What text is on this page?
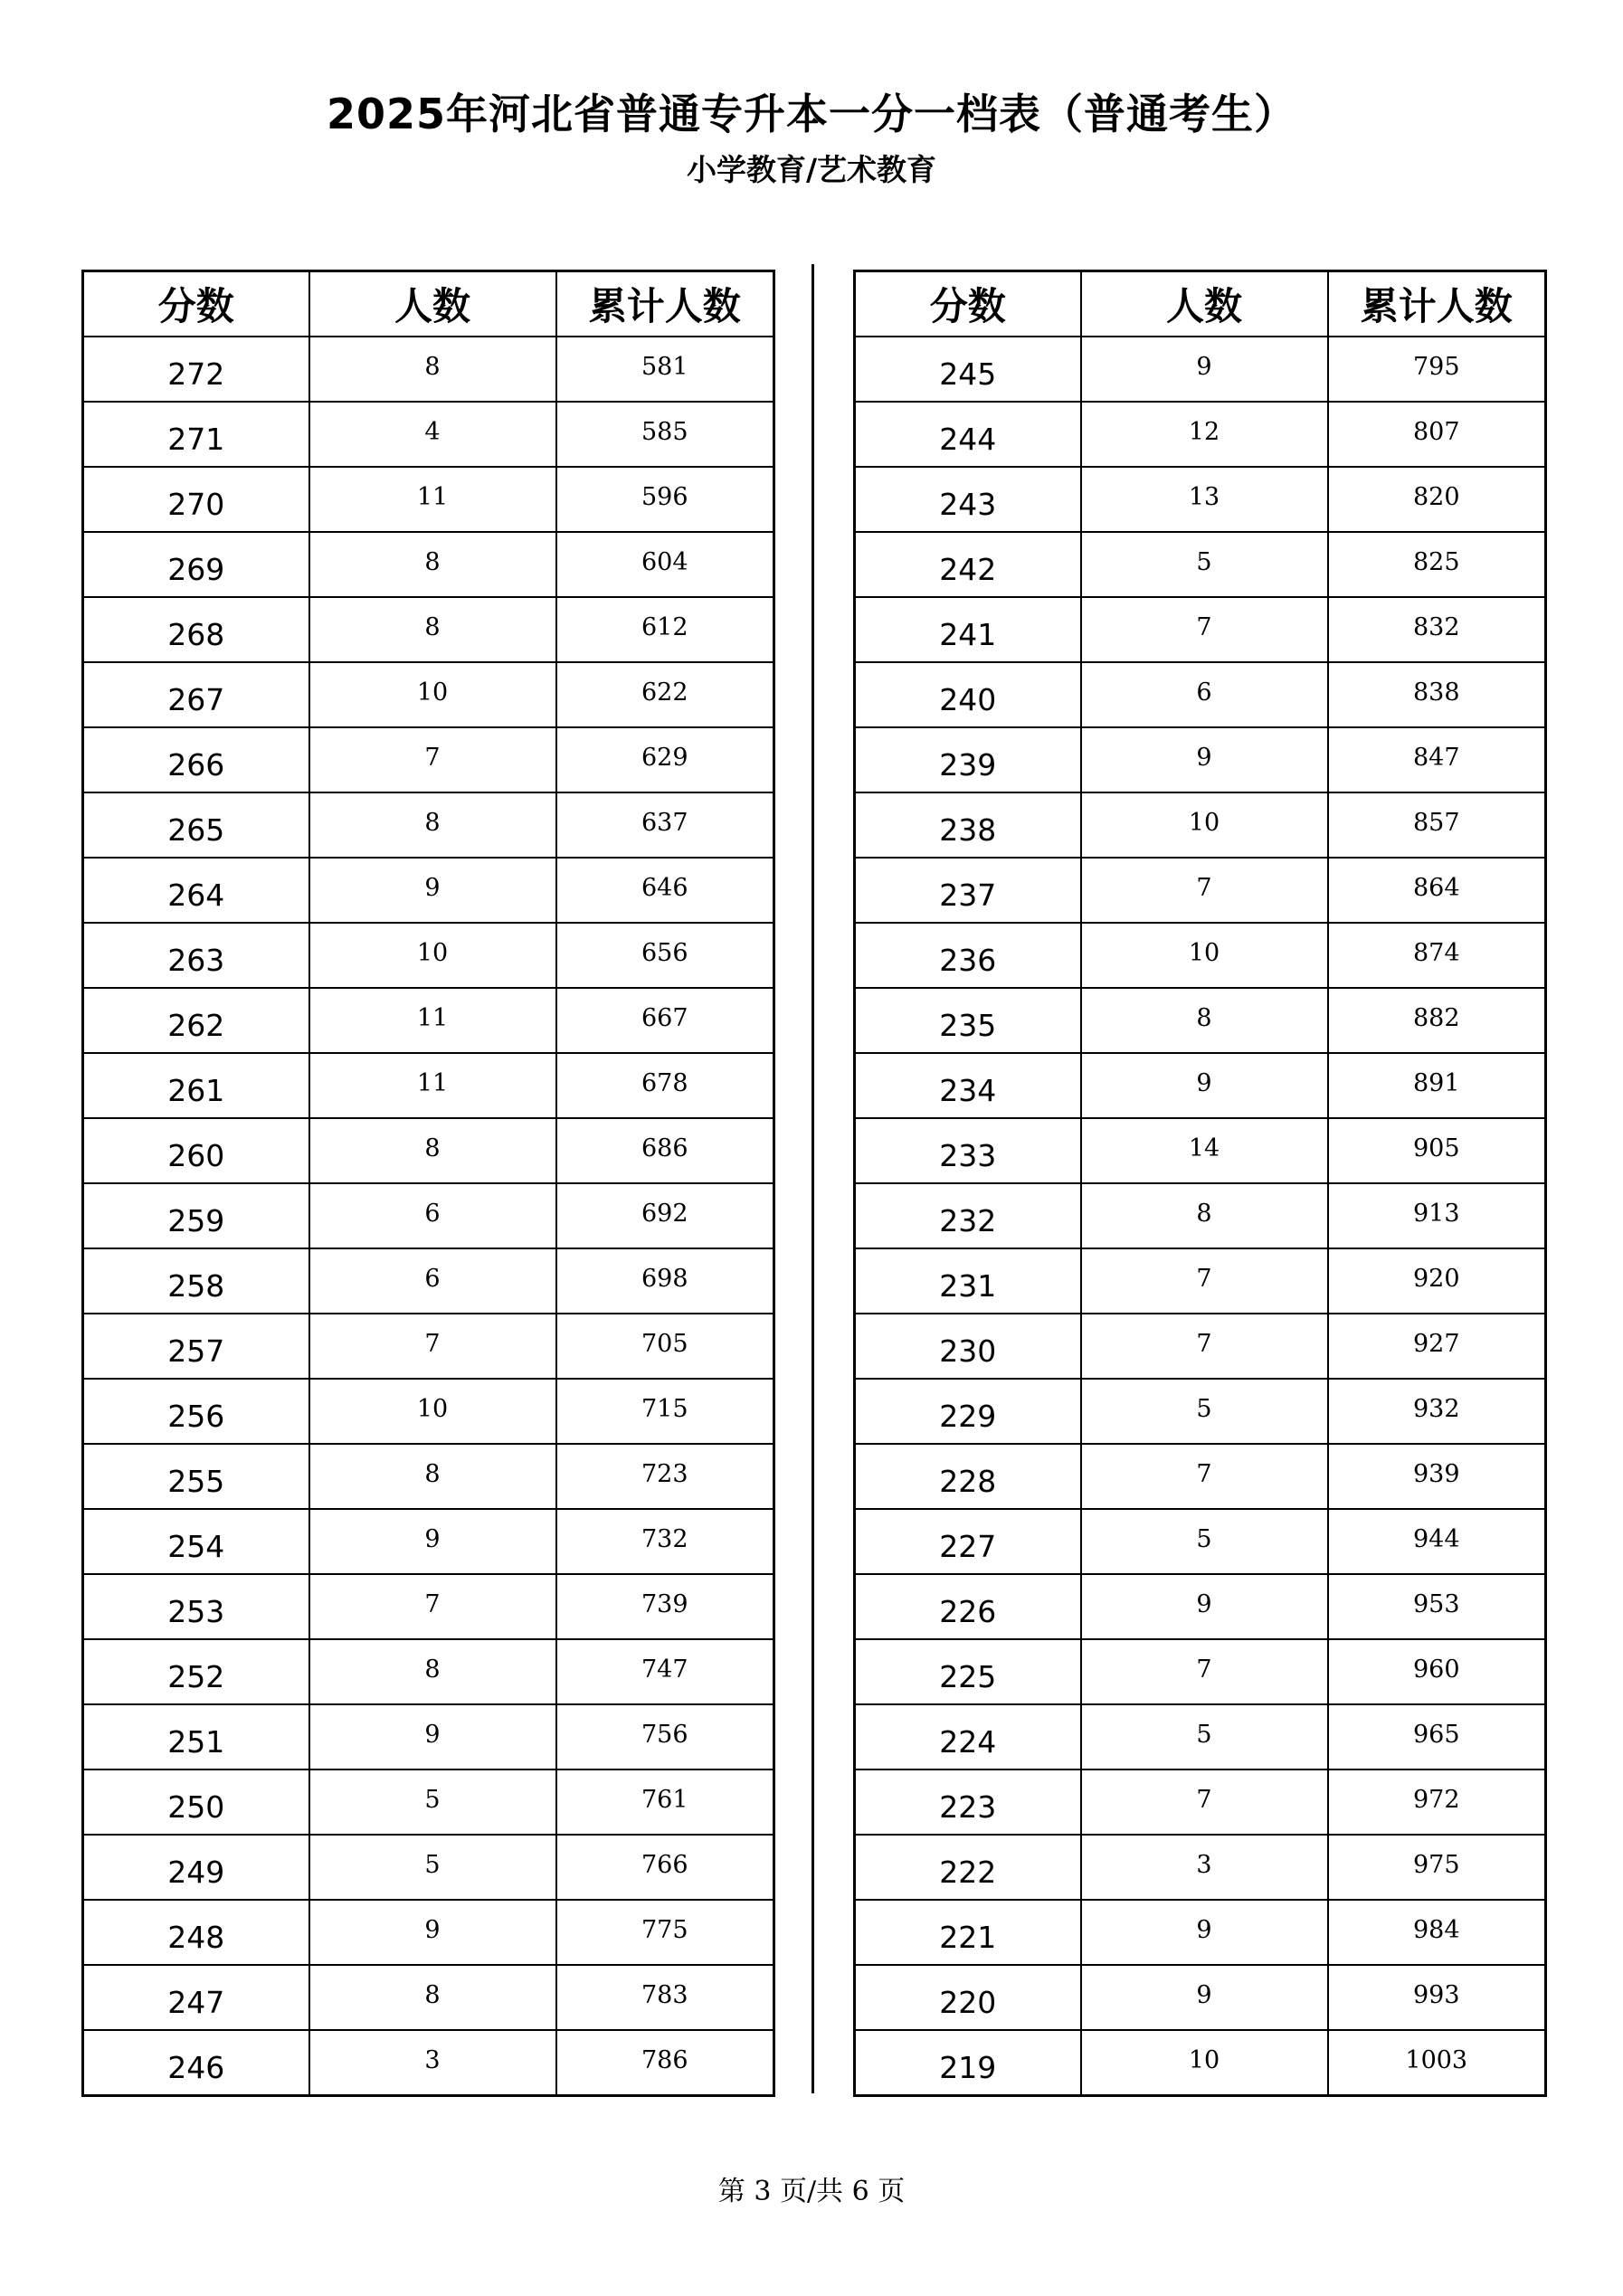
2025年河北省普通专升本一分一档表（普通考生）
小学教育/艺术教育
分数	人数	累计人数
272	8	581
271	4	585
270	11	596
269	8	604
268	8	612
267	10	622
266	7	629
265	8	637
264	9	646
263	10	656
262	11	667
261	11	678
260	8	686
259	6	692
258	6	698
257	7	705
256	10	715
255	8	723
254	9	732
253	7	739
252	8	747
251	9	756
250	5	761
249	5	766
248	9	775
247	8	783
246	3	786
分数	人数	累计人数
245	9	795
244	12	807
243	13	820
242	5	825
241	7	832
240	6	838
239	9	847
238	10	857
237	7	864
236	10	874
235	8	882
234	9	891
233	14	905
232	8	913
231	7	920
230	7	927
229	5	932
228	7	939
227	5	944
226	9	953
225	7	960
224	5	965
223	7	972
222	3	975
221	9	984
220	9	993
219	10	1003
第 3 页/共 6 页
